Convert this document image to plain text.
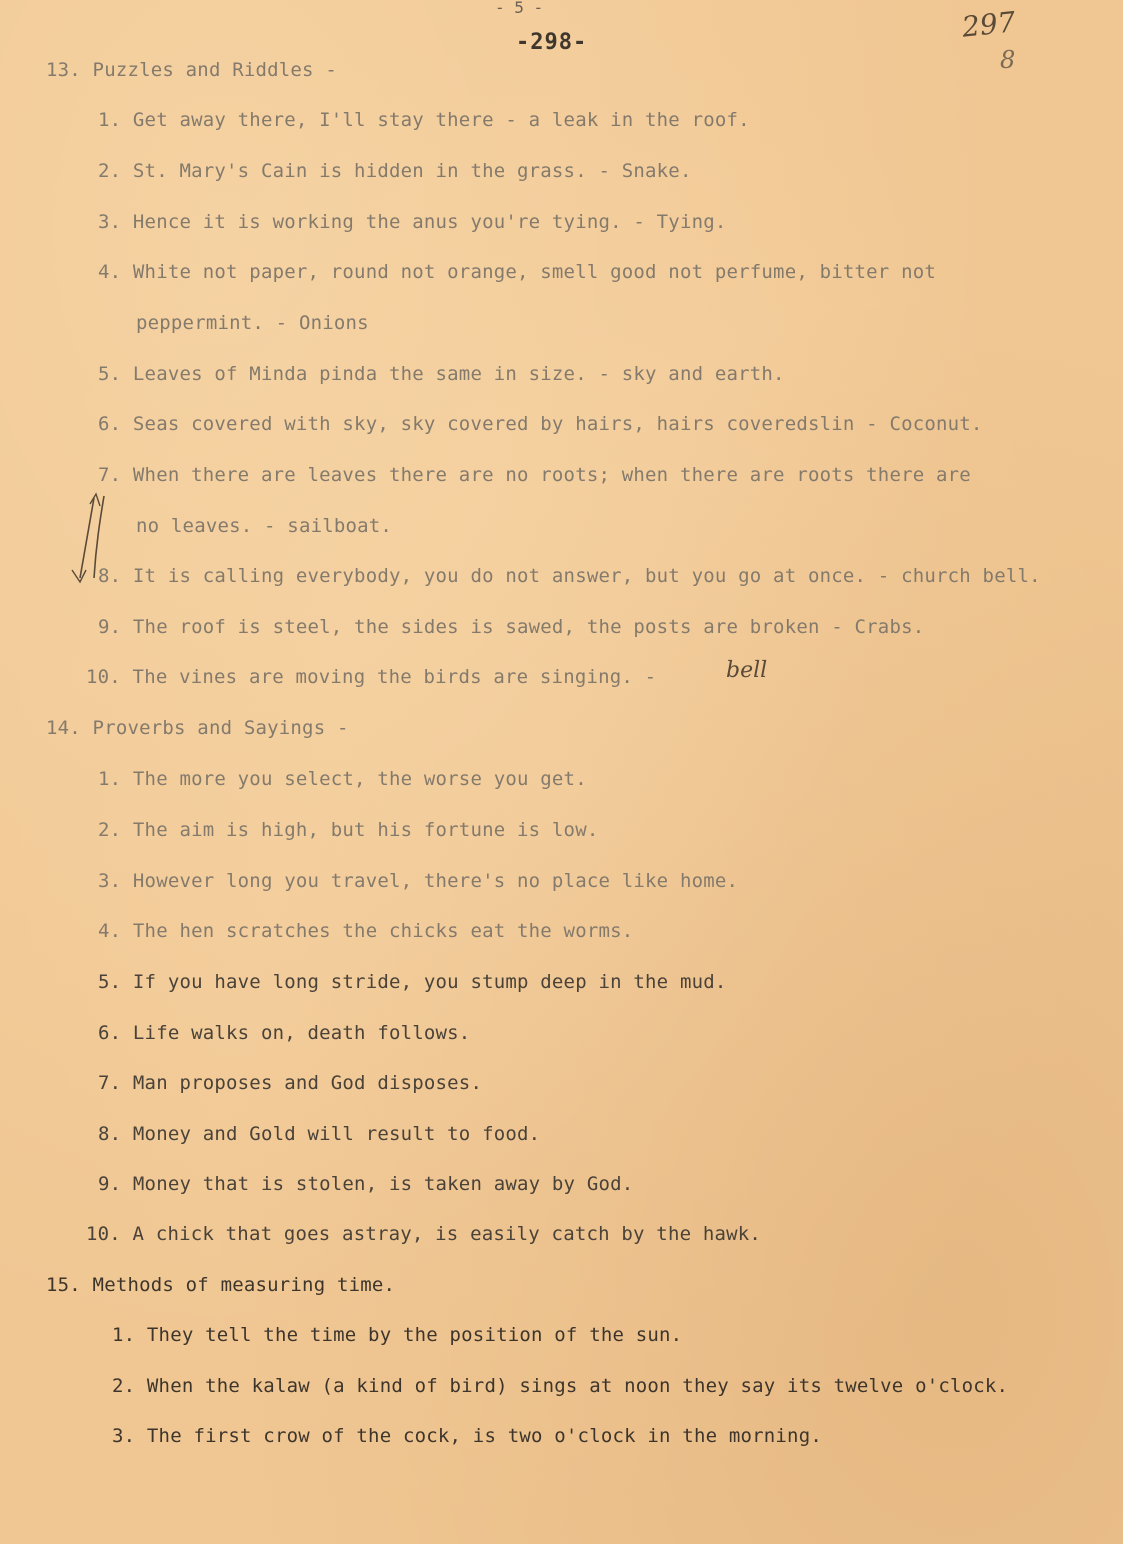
- 5 -
-298-	297
8
13. Puzzles and Riddles -
1. Get away there, I'll stay there - a leak in the roof.
2. St. Mary's Cain is hidden in the grass. - Snake.
3. Hence it is working the anus you're tying. - Tying.
4. White not paper, round not orange, smell good not perfume, bitter not
peppermint. - Onions
5. Leaves of Minda pinda the same in size. - sky and earth.
6. Seas covered with sky, sky covered by hairs, hairs coveredslin - Coconut.
7. When there are leaves there are no roots; when there are roots there are
no leaves. - sailboat.
8. It is calling everybody, you do not answer, but you go at once. - church bell.
9. The roof is steel, the sides is sawed, the posts are broken - Crabs.
10. The vines are moving the birds are singing. -	bell
14. Proverbs and Sayings -
1. The more you select, the worse you get.
2. The aim is high, but his fortune is low.
3. However long you travel, there's no place like home.
4. The hen scratches the chicks eat the worms.
5. If you have long stride, you stump deep in the mud.
6. Life walks on, death follows.
7. Man proposes and God disposes.
8. Money and Gold will result to food.
9. Money that is stolen, is taken away by God.
10. A chick that goes astray, is easily catch by the hawk.
15. Methods of measuring time.
1. They tell the time by the position of the sun.
2. When the kalaw (a kind of bird) sings at noon they say its twelve o'clock.
3. The first crow of the cock, is two o'clock in the morning.
